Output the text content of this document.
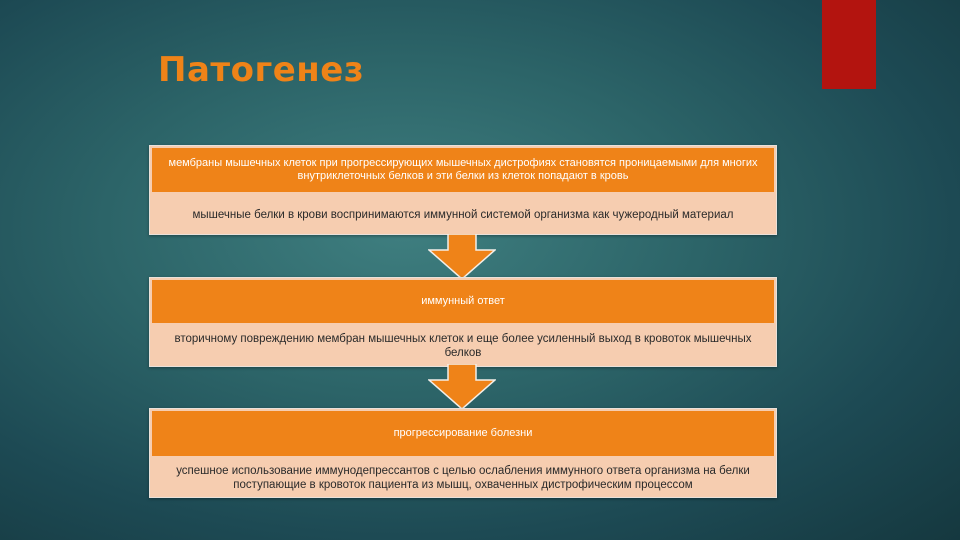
Патогенез
мембраны мышечных клеток при прогрессирующих мышечных дистрофиях становятся проницаемыми для многих внутриклеточных белков и эти белки из клеток попадают в кровь
мышечные белки в крови воспринимаются иммунной системой организма как чужеродный материал
иммунный ответ
вторичному повреждению мембран мышечных клеток и еще более усиленный выход в кровоток мышечных белков
прогрессирование болезни
успешное использование иммунодепрессантов с целью ослабления иммунного ответа организма на белки поступающие в кровоток пациента из мышц, охваченных дистрофическим процессом
